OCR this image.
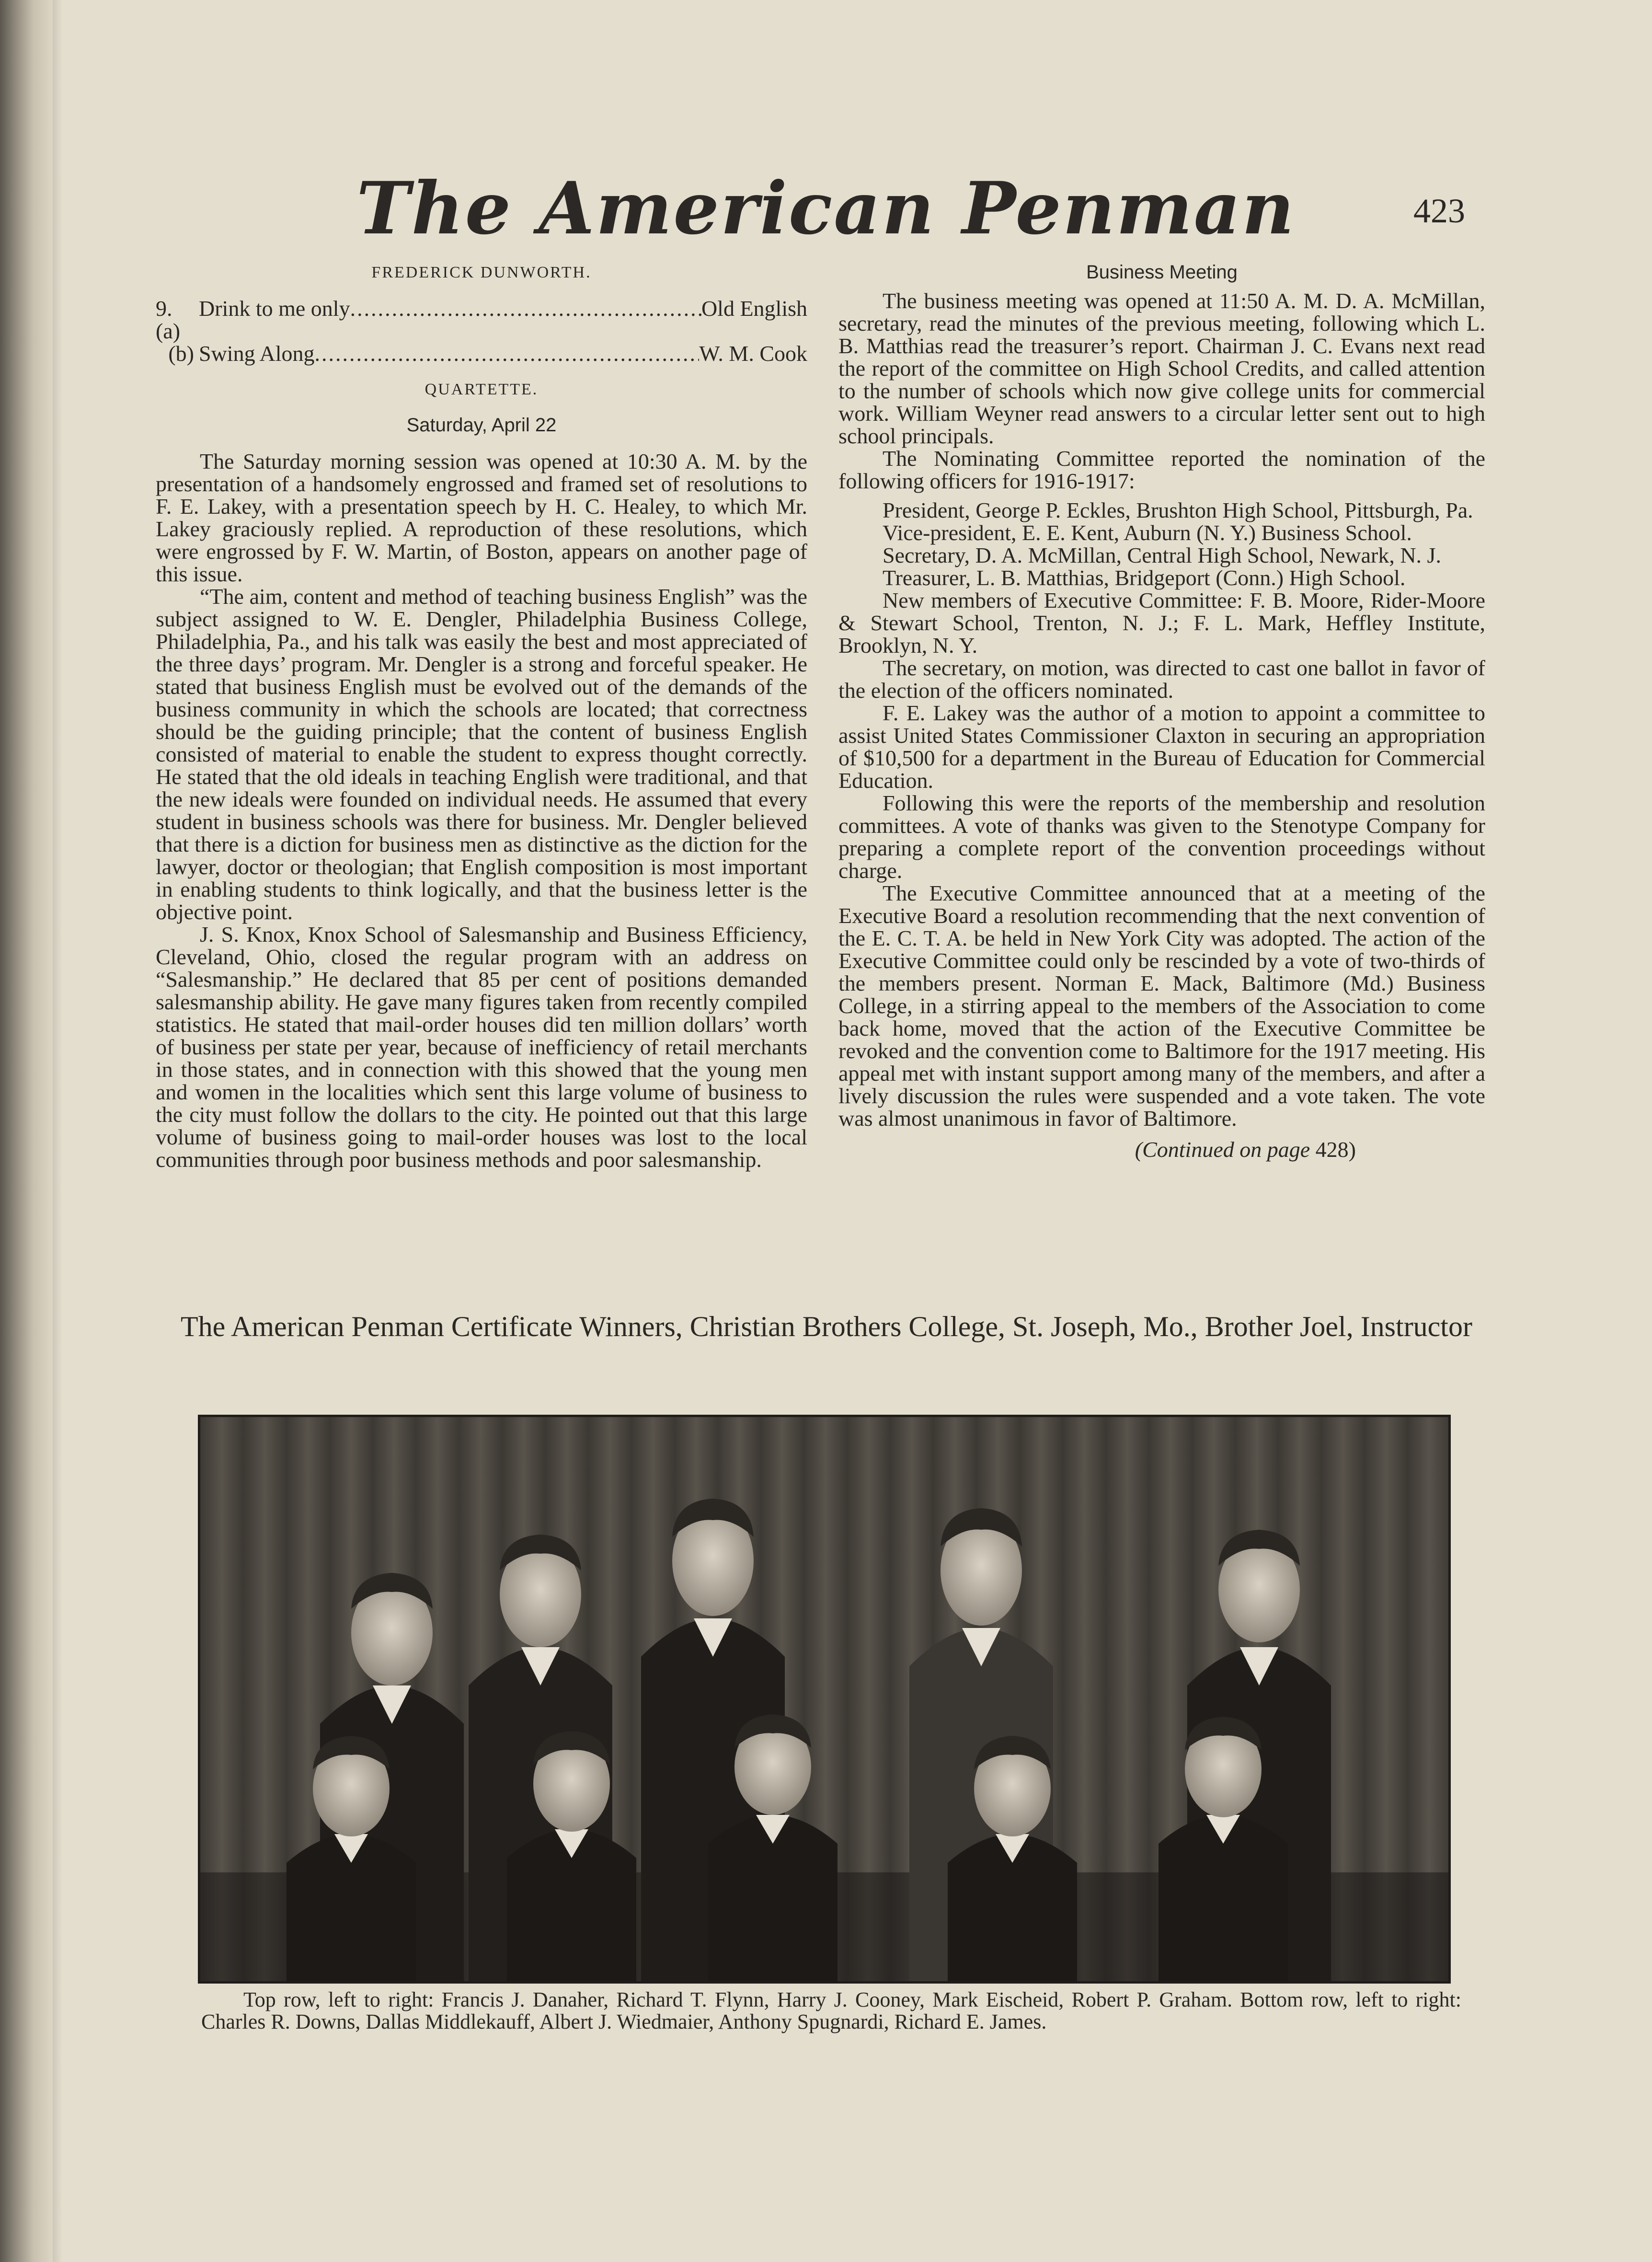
The American Penman	423

FREDERICK DUNWORTH.

9. (a)
Drink to me only .....	Old English
(b) Swing Along .....	W. M. Cook

QUARTETTE.

Saturday, April 22

The Saturday morning session was opened at 10:30 A. M. by the presentation of a handsomely engrossed and framed set of resolutions to F. E. Lakey, with a presentation speech by H. C. Healey, to which Mr. Lakey graciously replied. A reproduction of these resolutions, which were engrossed by F. W. Martin, of Boston, appears on another page of this issue.

“The aim, content and method of teaching business English” was the subject assigned to W. E. Dengler, Philadelphia Business College, Philadelphia, Pa., and his talk was easily the best and most appreciated of the three days’ program. Mr. Dengler is a strong and forceful speaker. He stated that business English must be evolved out of the demands of the business community in which the schools are located; that correctness should be the guiding principle; that the content of business English consisted of material to enable the student to express thought correctly. He stated that the old ideals in teaching English were traditional, and that the new ideals were founded on individual needs. He assumed that every student in business schools was there for business. Mr. Dengler believed that there is a diction for business men as distinctive as the diction for the lawyer, doctor or theologian; that English composition is most important in enabling students to think logically, and that the business letter is the objective point.

J. S. Knox, Knox School of Salesmanship and Business Efficiency, Cleveland, Ohio, closed the regular program with an address on “Salesmanship.” He declared that 85 per cent of positions demanded salesmanship ability. He gave many figures taken from recently compiled statistics. He stated that mail-order houses did ten million dollars’ worth of business per state per year, because of inefficiency of retail merchants in those states, and in connection with this showed that the young men and women in the localities which sent this large volume of business to the city must follow the dollars to the city. He pointed out that this large volume of business going to mail-order houses was lost to the local communities through poor business methods and poor salesmanship.

Business Meeting

The business meeting was opened at 11:50 A. M. D. A. McMillan, secretary, read the minutes of the previous meeting, following which L. B. Matthias read the treasurer’s report. Chairman J. C. Evans next read the report of the committee on High School Credits, and called attention to the number of schools which now give college units for commercial work. William Weyner read answers to a circular letter sent out to high school principals.

The Nominating Committee reported the nomination of the following officers for 1916-1917:

President, George P. Eckles, Brushton High School, Pittsburgh, Pa.

Vice-president, E. E. Kent, Auburn (N. Y.) Business School.

Secretary, D. A. McMillan, Central High School, Newark, N. J.

Treasurer, L. B. Matthias, Bridgeport (Conn.) High School.

New members of Executive Committee: F. B. Moore, Rider-Moore & Stewart School, Trenton, N. J.; F. L. Mark, Heffley Institute, Brooklyn, N. Y.

The secretary, on motion, was directed to cast one ballot in favor of the election of the officers nominated.

F. E. Lakey was the author of a motion to appoint a committee to assist United States Commissioner Claxton in securing an appropriation of $10,500 for a department in the Bureau of Education for Commercial Education.

Following this were the reports of the membership and resolution committees. A vote of thanks was given to the Stenotype Company for preparing a complete report of the convention proceedings without charge.

The Executive Committee announced that at a meeting of the Executive Board a resolution recommending that the next convention of the E. C. T. A. be held in New York City was adopted. The action of the Executive Committee could only be rescinded by a vote of two-thirds of the members present. Norman E. Mack, Baltimore (Md.) Business College, in a stirring appeal to the members of the Association to come back home, moved that the action of the Executive Committee be revoked and the convention come to Baltimore for the 1917 meeting. His appeal met with instant support among many of the members, and after a lively discussion the rules were suspended and a vote taken. The vote was almost unanimous in favor of Baltimore.

(Continued on page 428)

The American Penman Certificate Winners, Christian Brothers College, St. Joseph, Mo., Brother Joel, Instructor
Top row, left to right: Francis J. Danaher, Richard T. Flynn, Harry J. Cooney, Mark Eischeid, Robert P. Graham. Bottom row, left to right: Charles R. Downs, Dallas Middlekauff, Albert J. Wiedmaier, Anthony Spugnardi, Richard E. James.
